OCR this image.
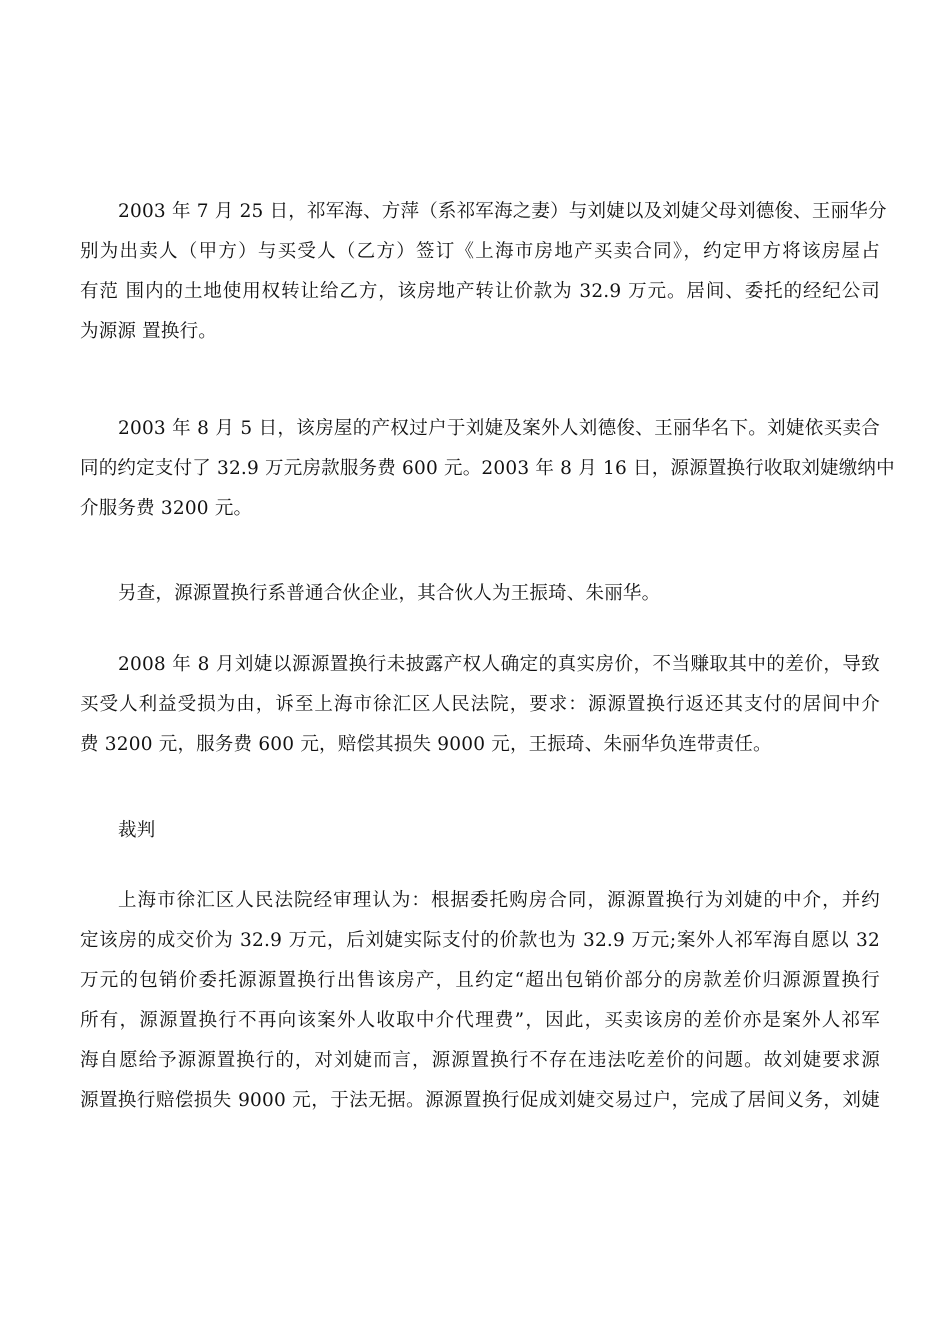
2003 年 7 月 25 日，祁军海、方萍（系祁军海之妻）与刘婕以及刘婕父母刘德俊、王丽华分
别为出卖人（甲方）与买受人（乙方）签订《上海市房地产买卖合同》，约定甲方将该房屋占
有范 围内的土地使用权转让给乙方，该房地产转让价款为 32.9 万元。居间、委托的经纪公司
为源源 置换行。
2003 年 8 月 5 日，该房屋的产权过户于刘婕及案外人刘德俊、王丽华名下。刘婕依买卖合
同的约定支付了 32.9 万元房款服务费 600 元。2003 年 8 月 16 日，源源置换行收取刘婕缴纳中
介服务费 3200 元。
另查，源源置换行系普通合伙企业，其合伙人为王振琦、朱丽华。
2008 年 8 月刘婕以源源置换行未披露产权人确定的真实房价，不当赚取其中的差价，导致
买受人利益受损为由，诉至上海市徐汇区人民法院，要求：源源置换行返还其支付的居间中介
费 3200 元，服务费 600 元，赔偿其损失 9000 元，王振琦、朱丽华负连带责任。
裁判
上海市徐汇区人民法院经审理认为：根据委托购房合同，源源置换行为刘婕的中介，并约
定该房的成交价为 32.9 万元，后刘婕实际支付的价款也为 32.9 万元;案外人祁军海自愿以 32
万元的包销价委托源源置换行出售该房产，且约定“超出包销价部分的房款差价归源源置换行
所有，源源置换行不再向该案外人收取中介代理费”，因此，买卖该房的差价亦是案外人祁军
海自愿给予源源置换行的，对刘婕而言，源源置换行不存在违法吃差价的问题。故刘婕要求源
源置换行赔偿损失 9000 元，于法无据。源源置换行促成刘婕交易过户，完成了居间义务，刘婕
